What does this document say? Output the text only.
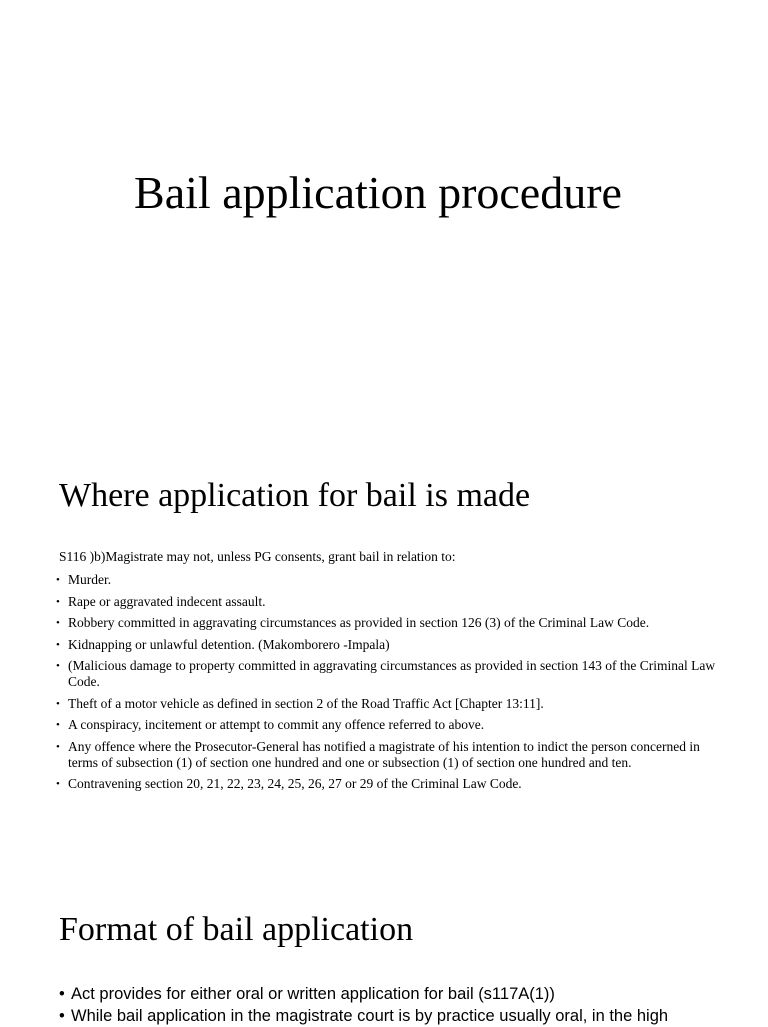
Bail application procedure
Where application for bail is made
S116 )b)Magistrate may not, unless PG consents, grant bail in relation to:
• Murder.
• Rape or aggravated indecent assault.
• Robbery committed in aggravating circumstances as provided in section 126 (3) of the Criminal Law Code.
• Kidnapping or unlawful detention. (Makomborero -Impala)
• (Malicious damage to property committed in aggravating circumstances as provided in section 143 of the Criminal Law Code.
• Theft of a motor vehicle as defined in section 2 of the Road Traffic Act [Chapter 13:11].
• A conspiracy, incitement or attempt to commit any offence referred to above.
• Any offence where the Prosecutor-General has notified a magistrate of his intention to indict the person concerned in terms of subsection (1) of section one hundred and one or subsection (1) of section one hundred and ten.
• Contravening section 20, 21, 22, 23, 24, 25, 26, 27 or 29 of the Criminal Law Code.
Format of bail application
• Act provides for either oral or written application for bail (s117A(1))
• While bail application in the magistrate court is by practice usually oral, in the high
